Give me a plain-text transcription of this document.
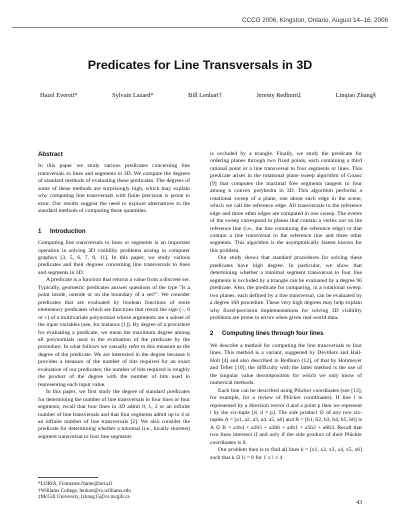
CCCG 2006, Kingston, Ontario, August 14–16, 2006
Predicates for Line Transversals in 3D
Hazel Everett*	Sylvain Lazard*	Bill Lenhart†	Jeremy Redburn‡	Linqiao Zhang§
Abstract

In this paper we study various predicates concerning line transversals to lines and segments in 3D. We compute the degrees of standard methods of evaluating these predicates. The degrees of some of these methods are surprisingly high, which may explain why computing line transversals with finite precision is prone to error. Our results suggest the need to explore alternatives to the standard methods of computing these quantities.

1 Introduction

Computing line transversals to lines or segments is an important operation in solving 3D visibility problems arising in computer graphics [3, 5, 6, 7, 8, 11]. In this paper, we study various predicates and their degrees concerning line transversals to lines and segments in 3D.

A predicate is a function that returns a value from a discrete set. Typically, geometric predicates answer questions of the type "Is a point inside, outside or on the boundary of a set?". We consider predicates that are evaluated by boolean functions of more elementary predicates which are functions that return the sign (−, 0 or +) of a multivariate polynomial whose arguments are a subset of the input variables (see, for instance [1]). By degree of a procedure for evaluating a predicate, we mean the maximum degree among all polynomials used in the evaluation of the predicate by the procedure. In what follows we casually refer to this measure as the degree of the predicate. We are interested in the degree because it provides a measure of the number of bits required for an exact evaluation of our predicates; the number of bits required is roughly the product of the degree with the number of bits used in representing each input value.

In this paper, we first study the degree of standard predicates for determining the number of line transversals to four lines or four segments; recall that four lines in 3D admit 0, 1, 2 or an infinite number of line transversals and that four segments admit up to 4 or an infinite number of line transversals [2]. We also consider the predicate for determining whether a minimal (i.e., locally shortest) segment transversal to four line segments

is occluded by a triangle. Finally, we study the predicate for ordering planes through two fixed points, each containing a third rational point or a line transversal to four segments or lines. This predicate arises in the rotational plane sweep algorithm of Goaoc [9] that computes the maximal free segments tangent to four among k convex polyhedra in 3D. This algorithm performs a rotational sweep of a plane, one about each edge in the scene, which we call the reference edge. All transversals to the reference edge and three other edges are computed in one sweep. The events of the sweep correspond to planes that contain a vertex not on the reference line (i.e., the line containing the reference edge) or that contain a line transversal to the reference line and three other segments. This algorithm is the asymptotically fastest known for this problem.

Our study shows that standard procedures for solving these predicates have high degree. In particular, we show that determining whether a minimal segment transversal to four line segments is occluded by a triangle can be evaluated by a degree 96 predicate. Also, the predicate for comparing, in a rotational sweep, two planes, each defined by a line transversal, can be evaluated by a degree 168 procedure. These very high degrees may help explain why fixed-precision implementations for solving 3D visibility problems are prone to errors when given real-world data.

2 Computing lines through four lines

We describe a method for computing the line transversals to four lines. This method is a variant, suggested by Devillers and Hall-Holt [4] and also described in Redburn [12], of that by Hohmeyer and Teller [10]; the difficulty with the latter method is the use of the singular value decomposition for which we only know of numerical methods.

Each line can be described using Plücker coordinates (see [13], for example, for a review of Plücker coordinates). If line l is represented by a direction vector d and a point p then we represent l by the six-tuple [d, d × p]. The side product ⊙ of any two six-tuples A = [a1, a2, a3, a4, a5, a6] and B = [b1, b2, b3, b4, b5, b6] is A ⊙ B = a1b4 + a2b5 + a3b6 + a4b1 + a5b2 + a6b3. Recall that two lines intersect if and only if the side product of their Plücker coordinates is 0.

Our problem then is to find all lines k = [x1, x2, x3, x4, x5, x6] such that k ⊙ li = 0 for 1 ≤ i ≤ 4

*LORIA, Firstname.Name@loria.fr
†Williams College, lenhart@cs.williams.edu
‡McGill University, lzhang15@cs.mcgill.ca
43
